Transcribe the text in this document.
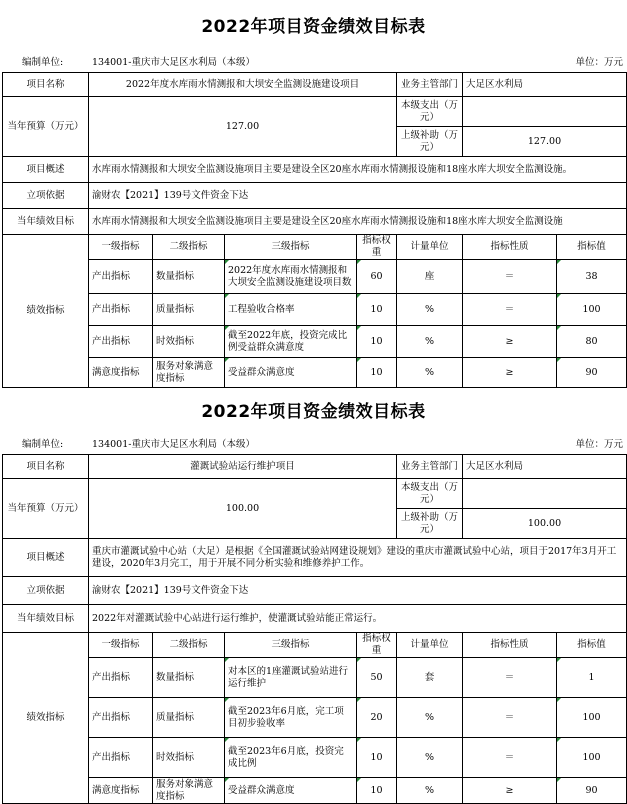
2022年项目资金绩效目标表
编制单位:	134001-重庆市大足区水利局（本级）	单位：万元
项目名称	2022年度水库雨水情测报和大坝安全监测设施建设项目				业务主管部门	大足区水利局	
当年预算（万元）	127.00				本级支出（万元）		
					上级补助（万元）	127.00	
项目概述	水库雨水情测报和大坝安全监测设施项目主要是建设全区20座水库雨水情测报设施和18座水库大坝安全监测设施。						
立项依据	渝财农【2021】139号文件资金下达						
当年绩效目标	水库雨水情测报和大坝安全监测设施项目主要是建设全区20座水库雨水情测报设施和18座水库大坝安全监测设施						
绩效指标	一级指标	二级指标	三级指标	指标权重	计量单位	指标性质	指标值
	产出指标	数量指标	2022年度水库雨水情测报和大坝安全监测设施建设项目数	60	座	＝	38
	产出指标	质量指标	工程验收合格率	10	%	＝	100
	产出指标	时效指标	截至2022年底，投资完成比例受益群众满意度	10	%	≥	80
	满意度指标	服务对象满意度指标	受益群众满意度	10	%	≥	90
2022年项目资金绩效目标表
编制单位:	134001-重庆市大足区水利局（本级）	单位：万元
项目名称	灌溉试验站运行维护项目				业务主管部门	大足区水利局	
当年预算（万元）	100.00				本级支出（万元）		
					上级补助（万元）	100.00	
项目概述	重庆市灌溉试验中心站（大足）是根据《全国灌溉试验站网建设规划》建设的重庆市灌溉试验中心站，项目于2017年3月开工建设，2020年3月完工，用于开展不同分析实验和维修养护工作。						
立项依据	渝财农【2021】139号文件资金下达						
当年绩效目标	2022年对灌溉试验中心站进行运行维护，使灌溉试验站能正常运行。						
绩效指标	一级指标	二级指标	三级指标	指标权重	计量单位	指标性质	指标值
	产出指标	数量指标	对本区的1座灌溉试验站进行运行维护	50	套	＝	1
	产出指标	质量指标	截至2023年6月底，完工项目初步验收率	20	%	＝	100
	产出指标	时效指标	截至2023年6月底，投资完成比例	10	%	＝	100
	满意度指标	服务对象满意度指标	受益群众满意度	10	%	≥	90
